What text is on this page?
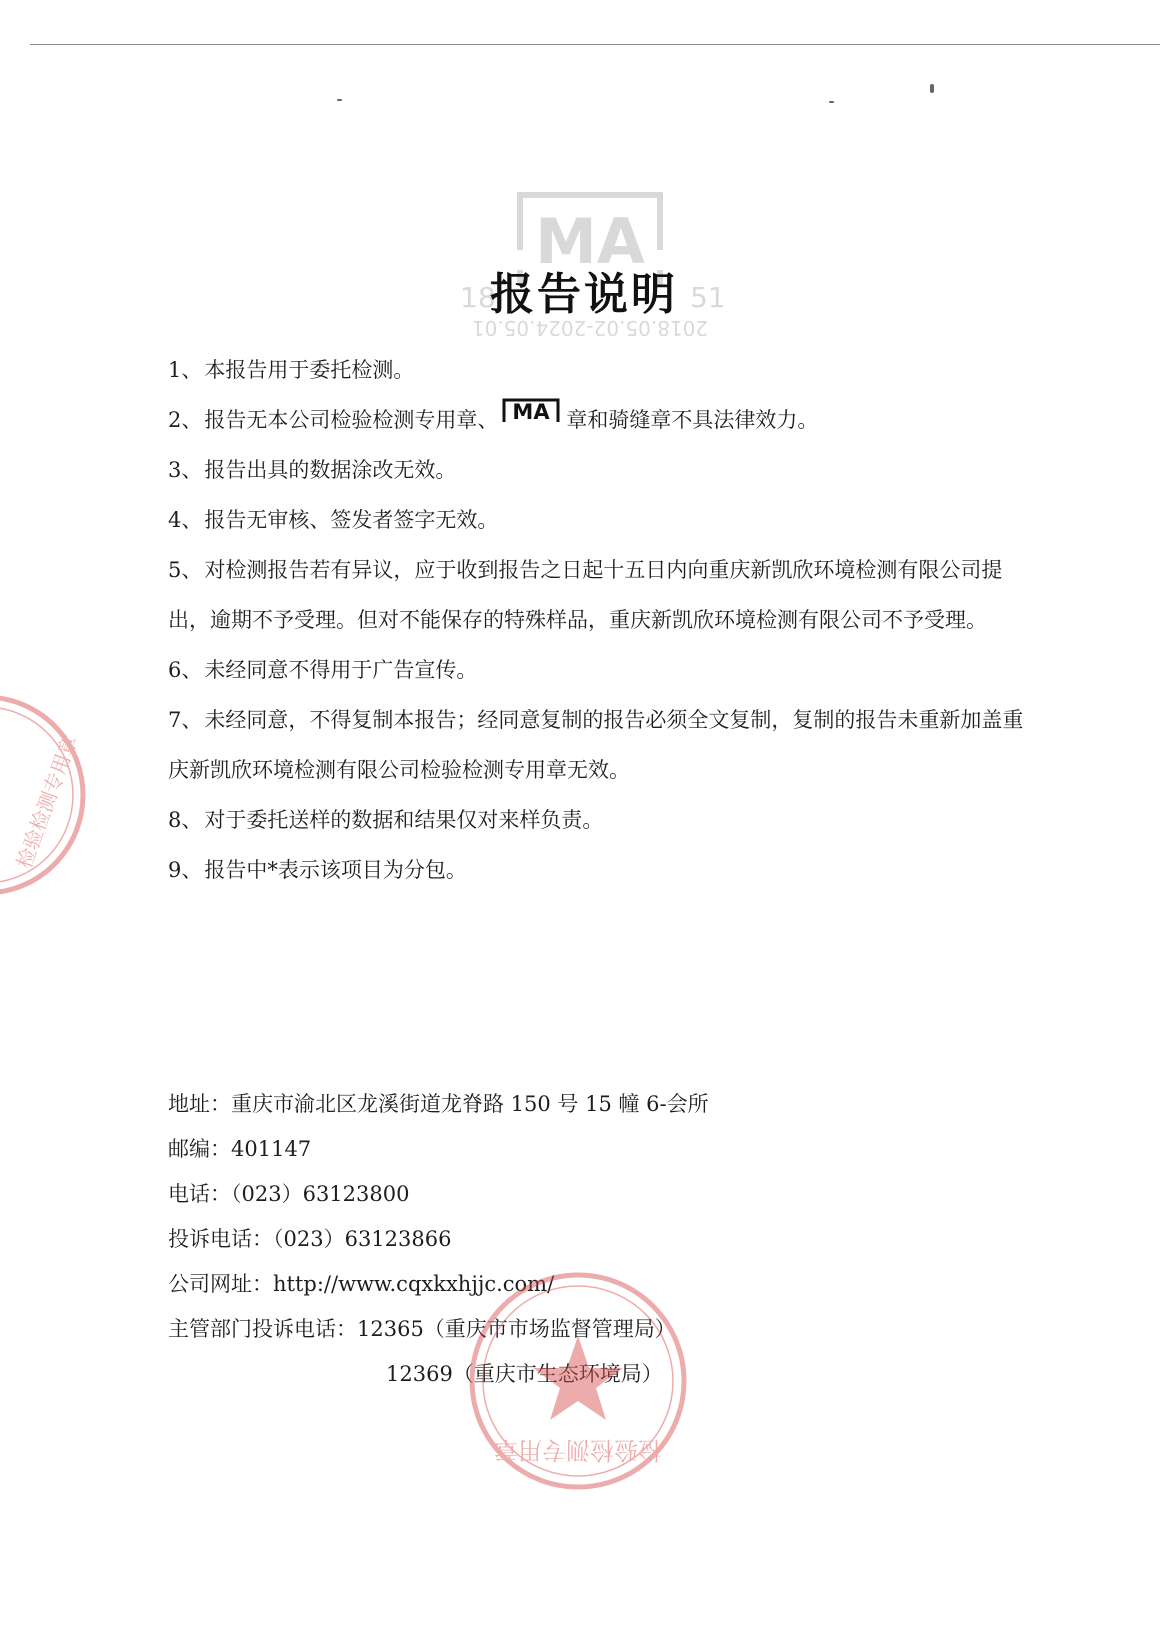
MA
18	51
2018.05.02-2024.05.01
报告说明
1、本报告用于委托检测。
2、报告无本公司检验检测专用章、 MA 章和骑缝章不具法律效力。
3、报告出具的数据涂改无效。
4、报告无审核、签发者签字无效。
5、对检测报告若有异议，应于收到报告之日起十五日内向重庆新凯欣环境检测有限公司提出，逾期不予受理。但对不能保存的特殊样品，重庆新凯欣环境检测有限公司不予受理。
6、未经同意不得用于广告宣传。
7、未经同意，不得复制本报告；经同意复制的报告必须全文复制，复制的报告未重新加盖重庆新凯欣环境检测有限公司检验检测专用章无效。
8、对于委托送样的数据和结果仅对来样负责。
9、报告中*表示该项目为分包。
地址：重庆市渝北区龙溪街道龙脊路 150 号 15 幢 6-会所
邮编：401147
电话：（023）63123800
投诉电话：（023）63123866
公司网址：http://www.cqxkxhjjc.com/
主管部门投诉电话：12365（重庆市市场监督管理局）
12369（重庆市生态环境局）
检验检测专用章
检验检测专用章
